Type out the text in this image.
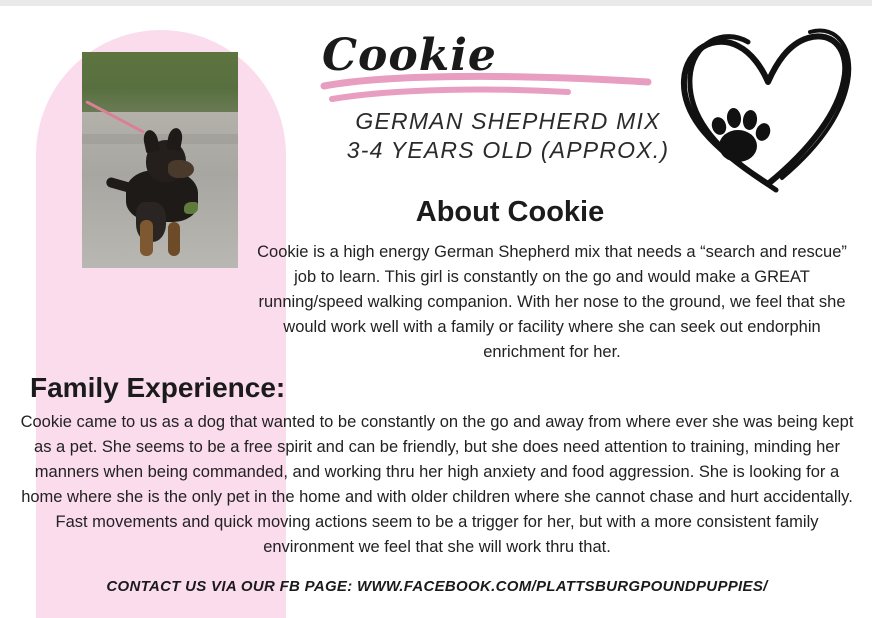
Cookie
GERMAN SHEPHERD MIX
3-4 YEARS OLD (APPROX.)
About Cookie
Cookie is a high energy German Shepherd mix that needs a “search and rescue” job to learn. This girl is constantly on the go and would make a GREAT running/speed walking companion. With her nose to the ground, we feel that she would work well with a family or facility where she can seek out endorphin enrichment for her.
Family Experience:

Cookie came to us as a dog that wanted to be constantly on the go and away from where ever she was being kept as a pet. She seems to be a free spirit and can be friendly, but she does need attention to training, minding her manners when being commanded, and working thru her high anxiety and food aggression. She is looking for a home where she is the only pet in the home and with older children where she cannot chase and hurt accidentally.

Fast movements and quick moving actions seem to be a trigger for her, but with a more consistent family environment we feel that she will work thru that.

CONTACT US VIA OUR FB PAGE: WWW.FACEBOOK.COM/PLATTSBURGPOUNDPUPPIES/
